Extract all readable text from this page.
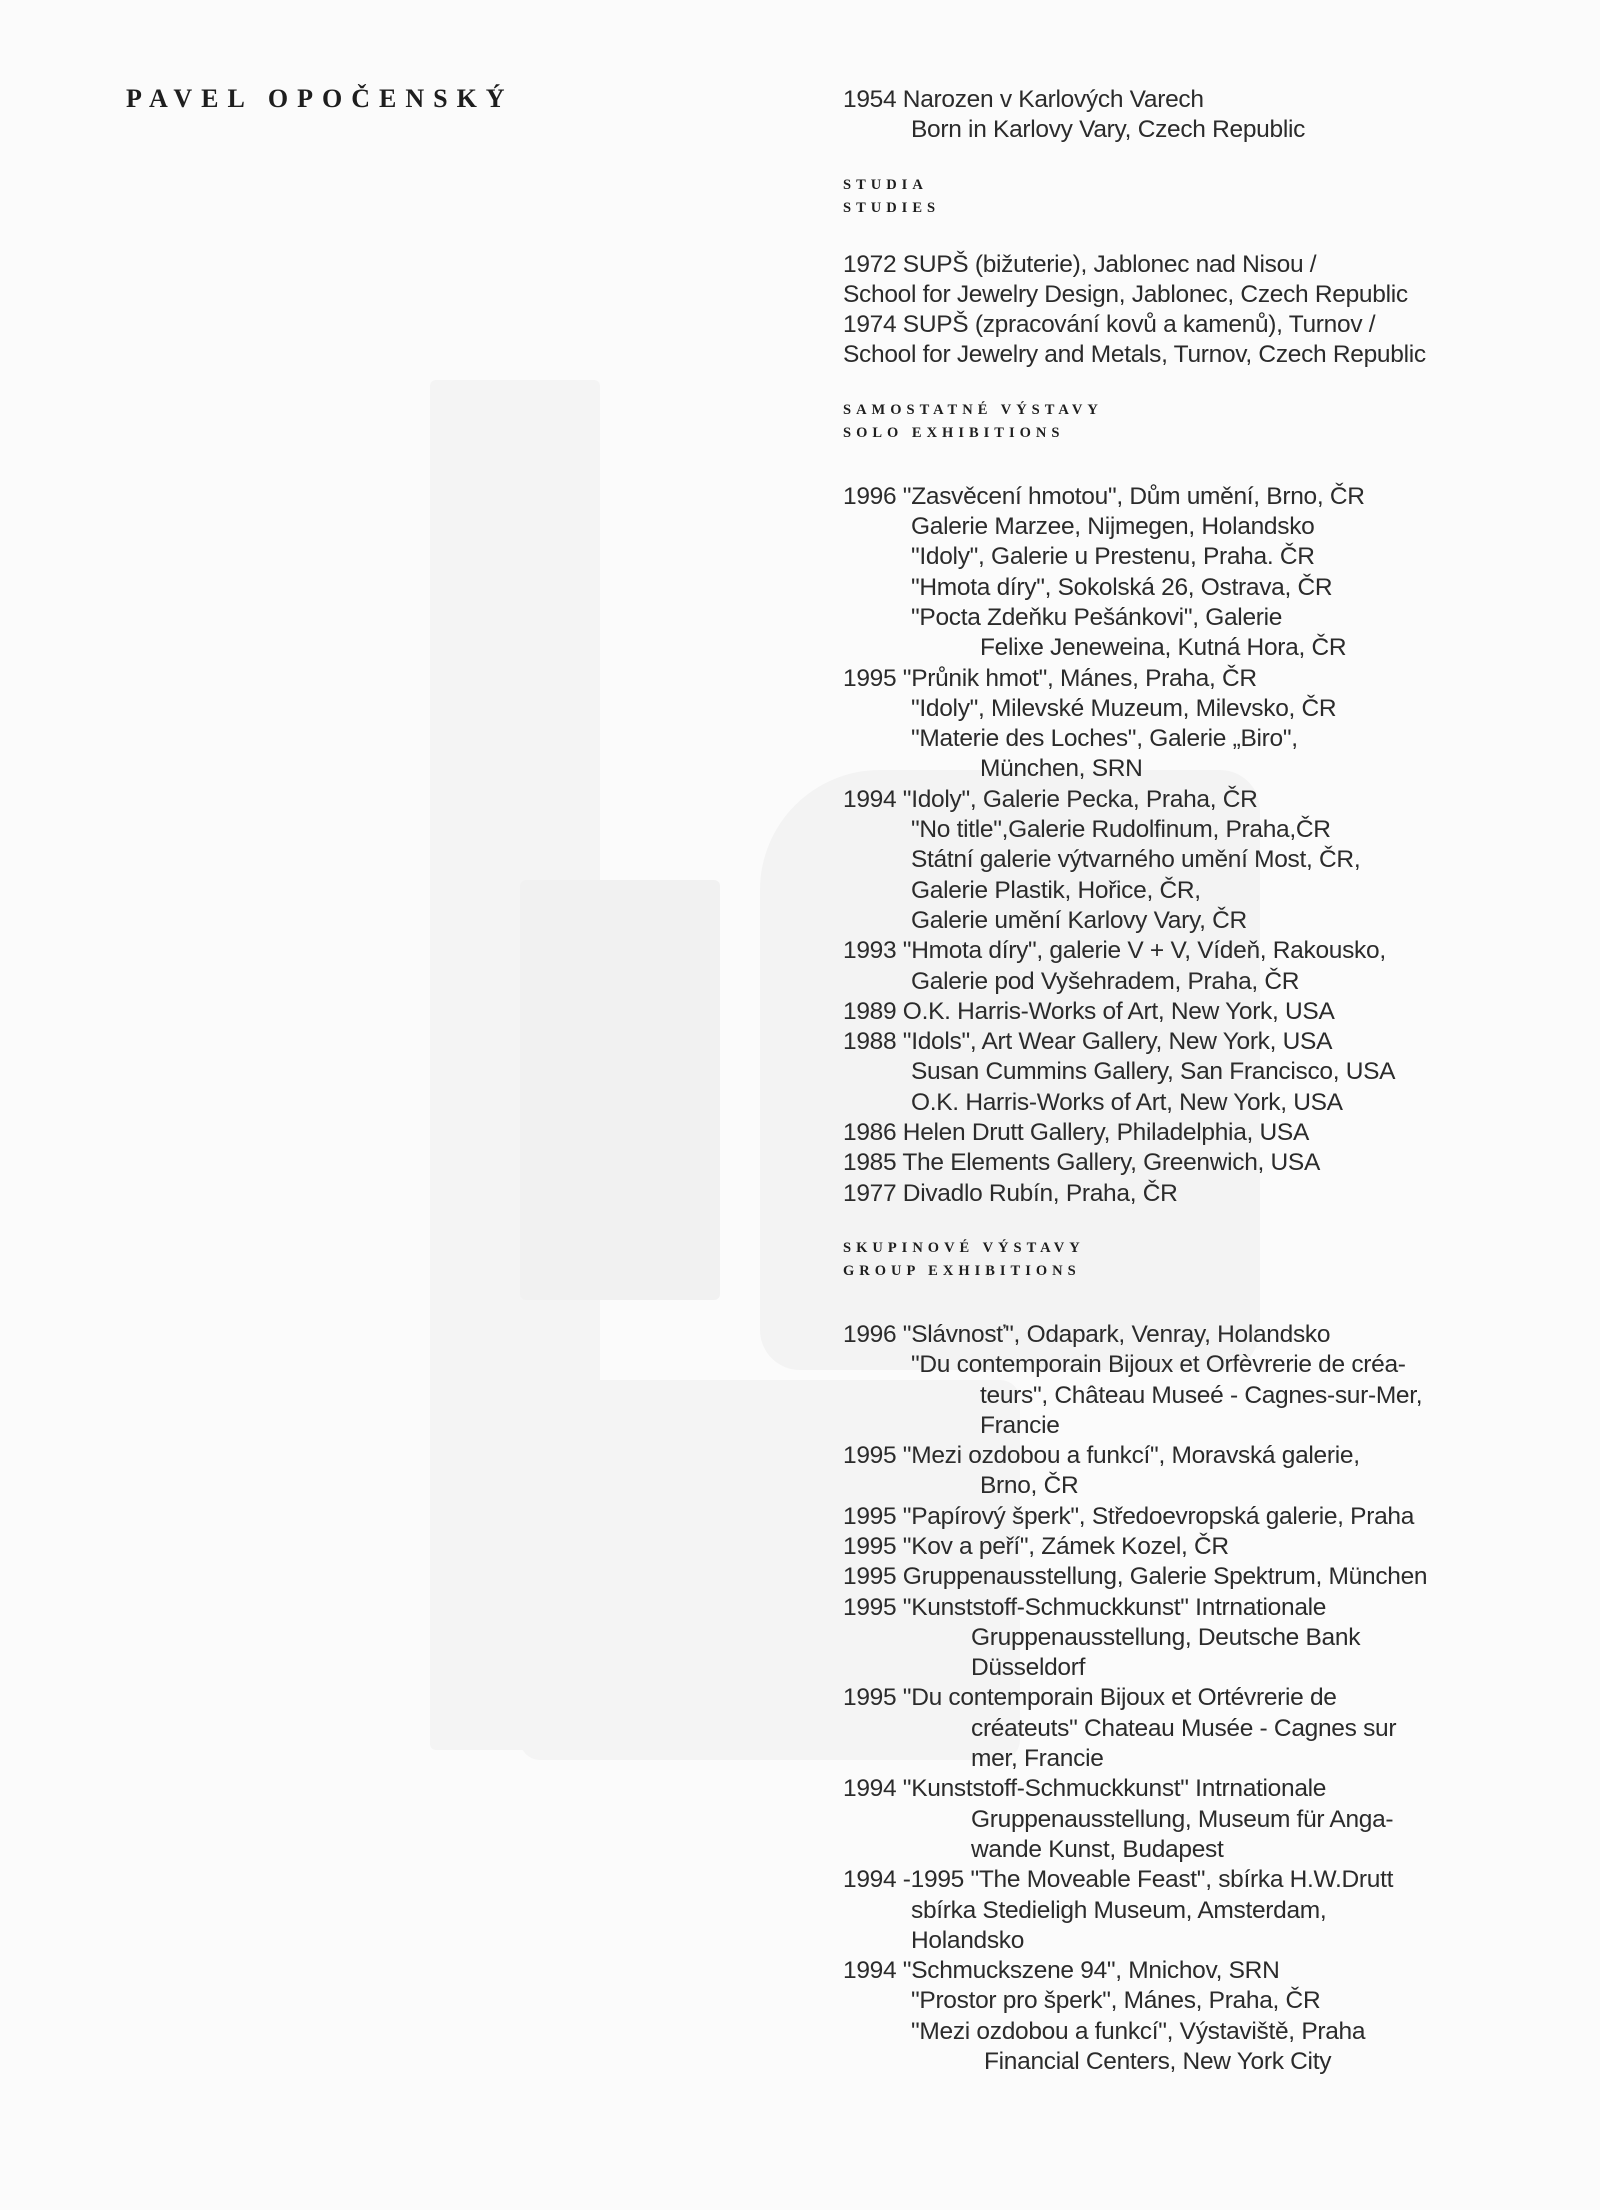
PAVEL OPOČENSKÝ	1954 Narozen v Karlových Varech
Born in Karlovy Vary, Czech Republic
STUDIA
STUDIES
1972 SUPŠ (bižuterie), Jablonec nad Nisou /
School for Jewelry Design, Jablonec, Czech Republic
1974 SUPŠ (zpracování kovů a kamenů), Turnov /
School for Jewelry and Metals, Turnov, Czech Republic
SAMOSTATNÉ VÝSTAVY
SOLO EXHIBITIONS
1996 "Zasvěcení hmotou", Dům umění, Brno, ČR
Galerie Marzee, Nijmegen, Holandsko
"Idoly", Galerie u Prestenu, Praha. ČR
"Hmota díry", Sokolská 26, Ostrava, ČR
"Pocta Zdeňku Pešánkovi", Galerie
Felixe Jeneweina, Kutná Hora, ČR
1995 "Průnik hmot", Mánes, Praha, ČR
"Idoly", Milevské Muzeum, Milevsko, ČR
"Materie des Loches", Galerie „Biro",
München, SRN
1994 "Idoly", Galerie Pecka, Praha, ČR
"No title",Galerie Rudolfinum, Praha,ČR
Státní galerie výtvarného umění Most, ČR,
Galerie Plastik, Hořice, ČR,
Galerie umění Karlovy Vary, ČR
1993 "Hmota díry", galerie V + V, Vídeň, Rakousko,
Galerie pod Vyšehradem, Praha, ČR
1989 O.K. Harris-Works of Art, New York, USA
1988 "Idols", Art Wear Gallery, New York, USA
Susan Cummins Gallery, San Francisco, USA
O.K. Harris-Works of Art, New York, USA
1986 Helen Drutt Gallery, Philadelphia, USA
1985 The Elements Gallery, Greenwich, USA
1977 Divadlo Rubín, Praha, ČR
SKUPINOVÉ VÝSTAVY
GROUP EXHIBITIONS
1996 "Slávnosť", Odapark, Venray, Holandsko
"Du contemporain Bijoux et Orfèvrerie de créa-
teurs", Château Museé - Cagnes-sur-Mer,
Francie
1995 "Mezi ozdobou a funkcí", Moravská galerie,
Brno, ČR
1995 "Papírový šperk", Středoevropská galerie, Praha
1995 "Kov a peří", Zámek Kozel, ČR
1995 Gruppenausstellung, Galerie Spektrum, München
1995 "Kunststoff-Schmuckkunst" Intrnationale
Gruppenausstellung, Deutsche Bank
Düsseldorf
1995 "Du contemporain Bijoux et Ortévrerie de
créateuts" Chateau Musée - Cagnes sur
mer, Francie
1994 "Kunststoff-Schmuckkunst" Intrnationale
Gruppenausstellung, Museum für Anga-
wande Kunst, Budapest
1994 -1995 "The Moveable Feast", sbírka H.W.Drutt
sbírka Stedieligh Museum, Amsterdam,
Holandsko
1994 "Schmuckszene 94", Mnichov, SRN
"Prostor pro šperk", Mánes, Praha, ČR
"Mezi ozdobou a funkcí", Výstaviště, Praha
Financial Centers, New York City
